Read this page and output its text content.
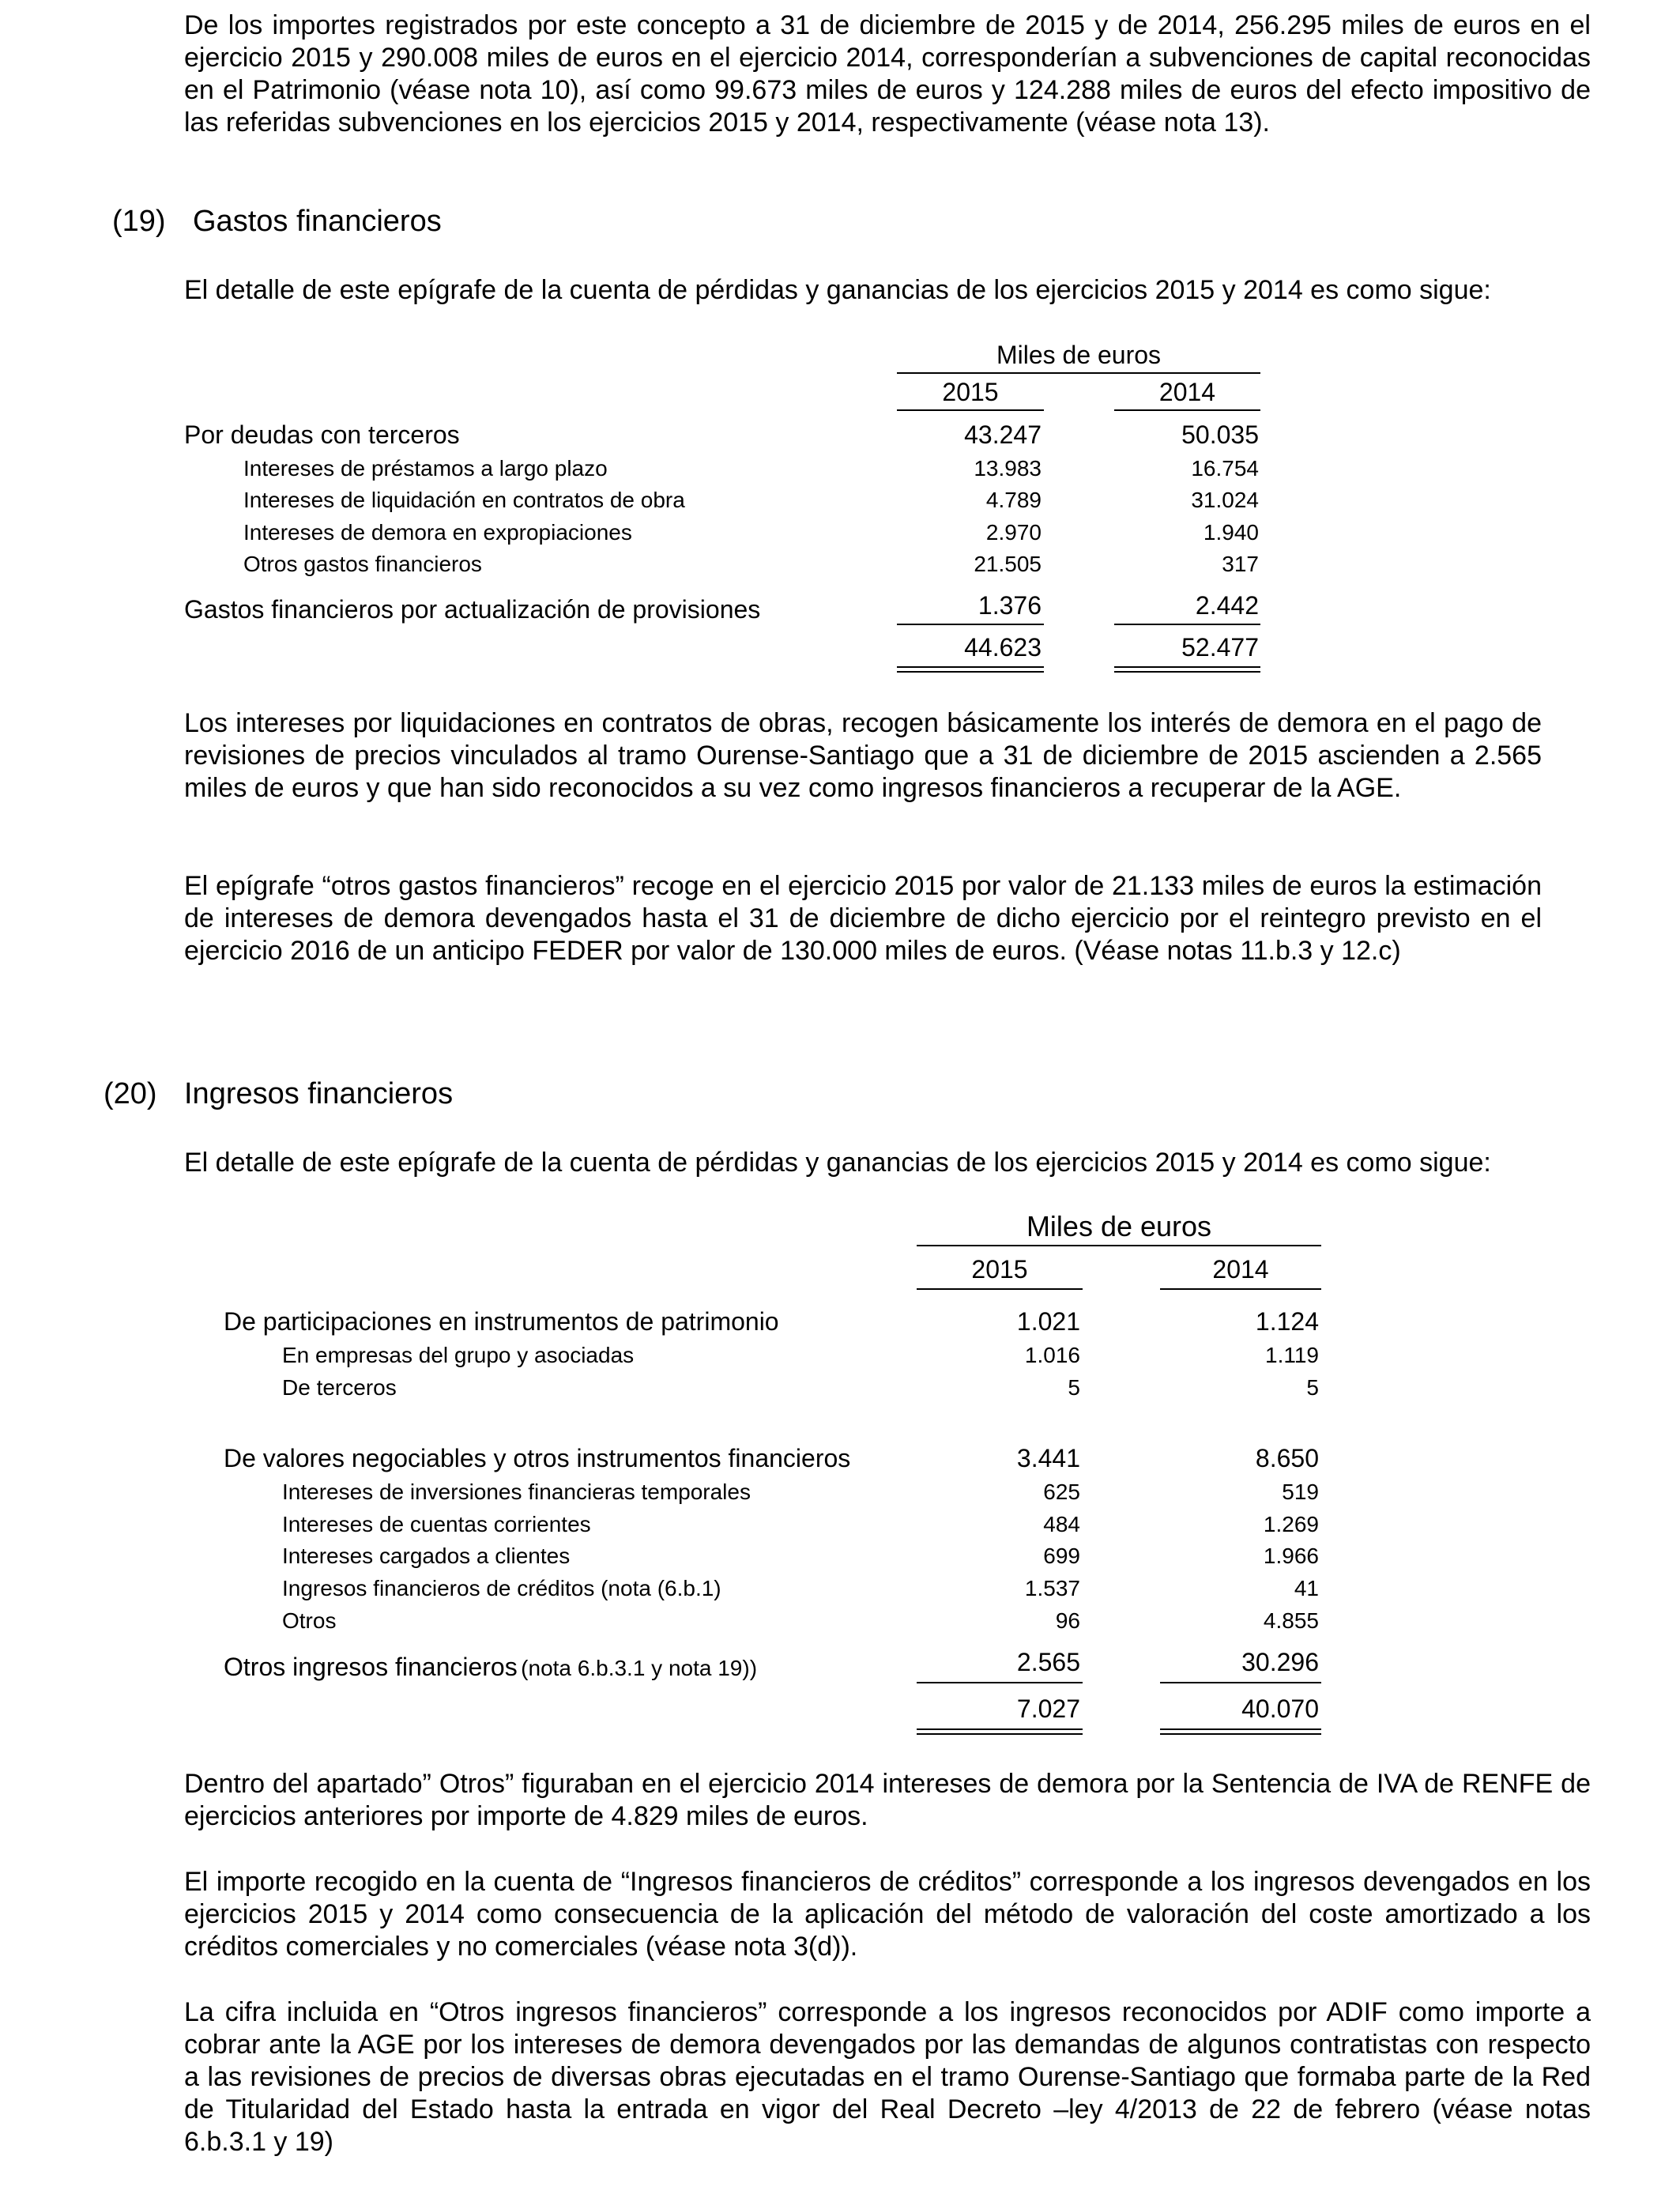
De los importes registrados por este concepto a 31 de diciembre de 2015 y de 2014, 256.295 miles de euros en el ejercicio 2015 y 290.008 miles de euros en el ejercicio 2014, corresponderían a subvenciones de capital reconocidas en el Patrimonio (véase nota 10), así como 99.673 miles de euros y 124.288 miles de euros del efecto impositivo de las referidas subvenciones en los ejercicios 2015 y 2014, respectivamente (véase nota 13).

(19) Gastos financieros

El detalle de este epígrafe de la cuenta de pérdidas y ganancias de los ejercicios 2015 y 2014 es como sigue:

Miles de euros
2015	2014
Por deudas con terceros	43.247	50.035
Intereses de préstamos a largo plazo	13.983	16.754
Intereses de liquidación en contratos de obra	4.789	31.024
Intereses de demora en expropiaciones	2.970	1.940
Otros gastos financieros	21.505	317
Gastos financieros por actualización de provisiones	1.376	2.442
44.623	52.477

Los intereses por liquidaciones en contratos de obras, recogen básicamente los interés de demora en el pago de revisiones de precios vinculados al tramo Ourense-Santiago que a 31 de diciembre de 2015 ascienden a 2.565 miles de euros y que han sido reconocidos a su vez como ingresos financieros a recuperar de la AGE.

El epígrafe “otros gastos financieros” recoge en el ejercicio 2015 por valor de 21.133 miles de euros la estimación de intereses de demora devengados hasta el 31 de diciembre de dicho ejercicio por el reintegro previsto en el ejercicio 2016 de un anticipo FEDER por valor de 130.000 miles de euros. (Véase notas 11.b.3 y 12.c)

(20) Ingresos financieros

El detalle de este epígrafe de la cuenta de pérdidas y ganancias de los ejercicios 2015 y 2014 es como sigue:

Miles de euros
2015	2014
De participaciones en instrumentos de patrimonio	1.021	1.124
En empresas del grupo y asociadas	1.016	1.119
De terceros	5	5
De valores negociables y otros instrumentos financieros	3.441	8.650
Intereses de inversiones financieras temporales	625	519
Intereses de cuentas corrientes	484	1.269
Intereses cargados a clientes	699	1.966
Ingresos financieros de créditos (nota (6.b.1)	1.537	41
Otros	96	4.855
Otros ingresos financieros (nota 6.b.3.1 y nota 19))	2.565	30.296
7.027	40.070

Dentro del apartado” Otros” figuraban en el ejercicio 2014 intereses de demora por la Sentencia de IVA de RENFE de ejercicios anteriores por importe de 4.829 miles de euros.

El importe recogido en la cuenta de “Ingresos financieros de créditos” corresponde a los ingresos devengados en los ejercicios 2015 y 2014 como consecuencia de la aplicación del método de valoración del coste amortizado a los créditos comerciales y no comerciales (véase nota 3(d)).

La cifra incluida en “Otros ingresos financieros” corresponde a los ingresos reconocidos por ADIF como importe a cobrar ante la AGE por los intereses de demora devengados por las demandas de algunos contratistas con respecto a las revisiones de precios de diversas obras ejecutadas en el tramo Ourense-Santiago que formaba parte de la Red de Titularidad del Estado hasta la entrada en vigor del Real Decreto –ley 4/2013 de 22 de febrero (véase notas 6.b.3.1 y 19)
